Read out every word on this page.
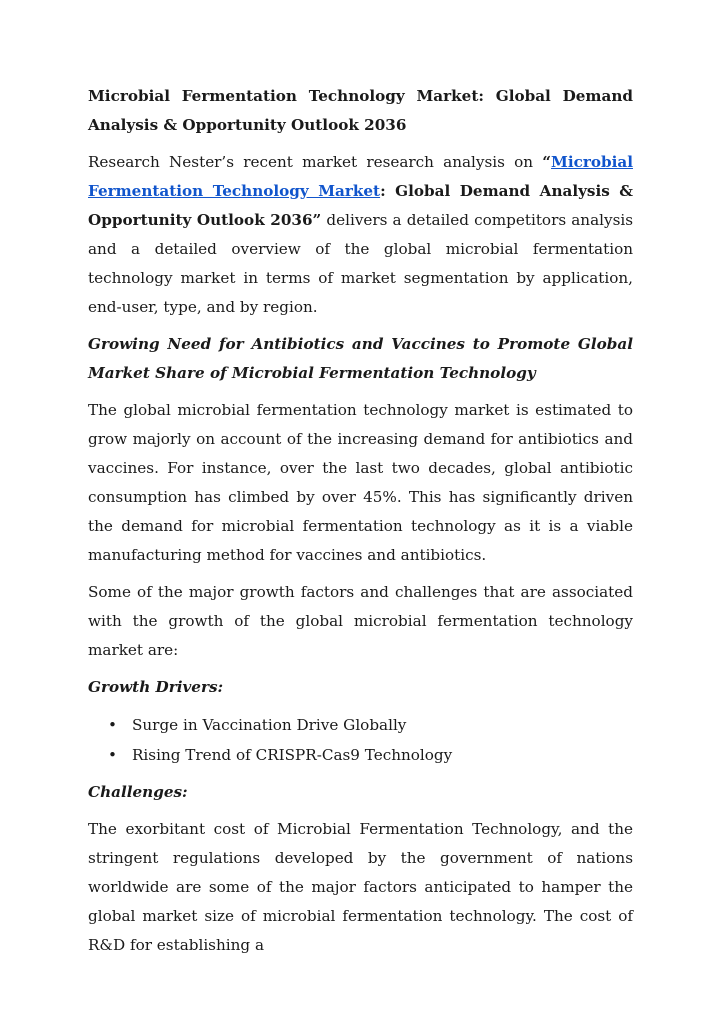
Microbial Fermentation Technology Market: Global Demand Analysis & Opportunity Outlook 2036

Research Nester’s recent market research analysis on “Microbial Fermentation Technology Market: Global Demand Analysis & Opportunity Outlook 2036” delivers a detailed competitors analysis and a detailed overview of the global microbial fermentation technology market in terms of market segmentation by application, end-user, type, and by region.

Growing Need for Antibiotics and Vaccines to Promote Global Market Share of Microbial Fermentation Technology

The global microbial fermentation technology market is estimated to grow majorly on account of the increasing demand for antibiotics and vaccines. For instance, over the last two decades, global antibiotic consumption has climbed by over 45%. This has significantly driven the demand for microbial fermentation technology as it is a viable manufacturing method for vaccines and antibiotics.

Some of the major growth factors and challenges that are associated with the growth of the global microbial fermentation technology market are:

Growth Drivers:

• Surge in Vaccination Drive Globally
• Rising Trend of CRISPR-Cas9 Technology

Challenges:

The exorbitant cost of Microbial Fermentation Technology, and the stringent regulations developed by the government of nations worldwide are some of the major factors anticipated to hamper the global market size of microbial fermentation technology. The cost of R&D for establishing a
